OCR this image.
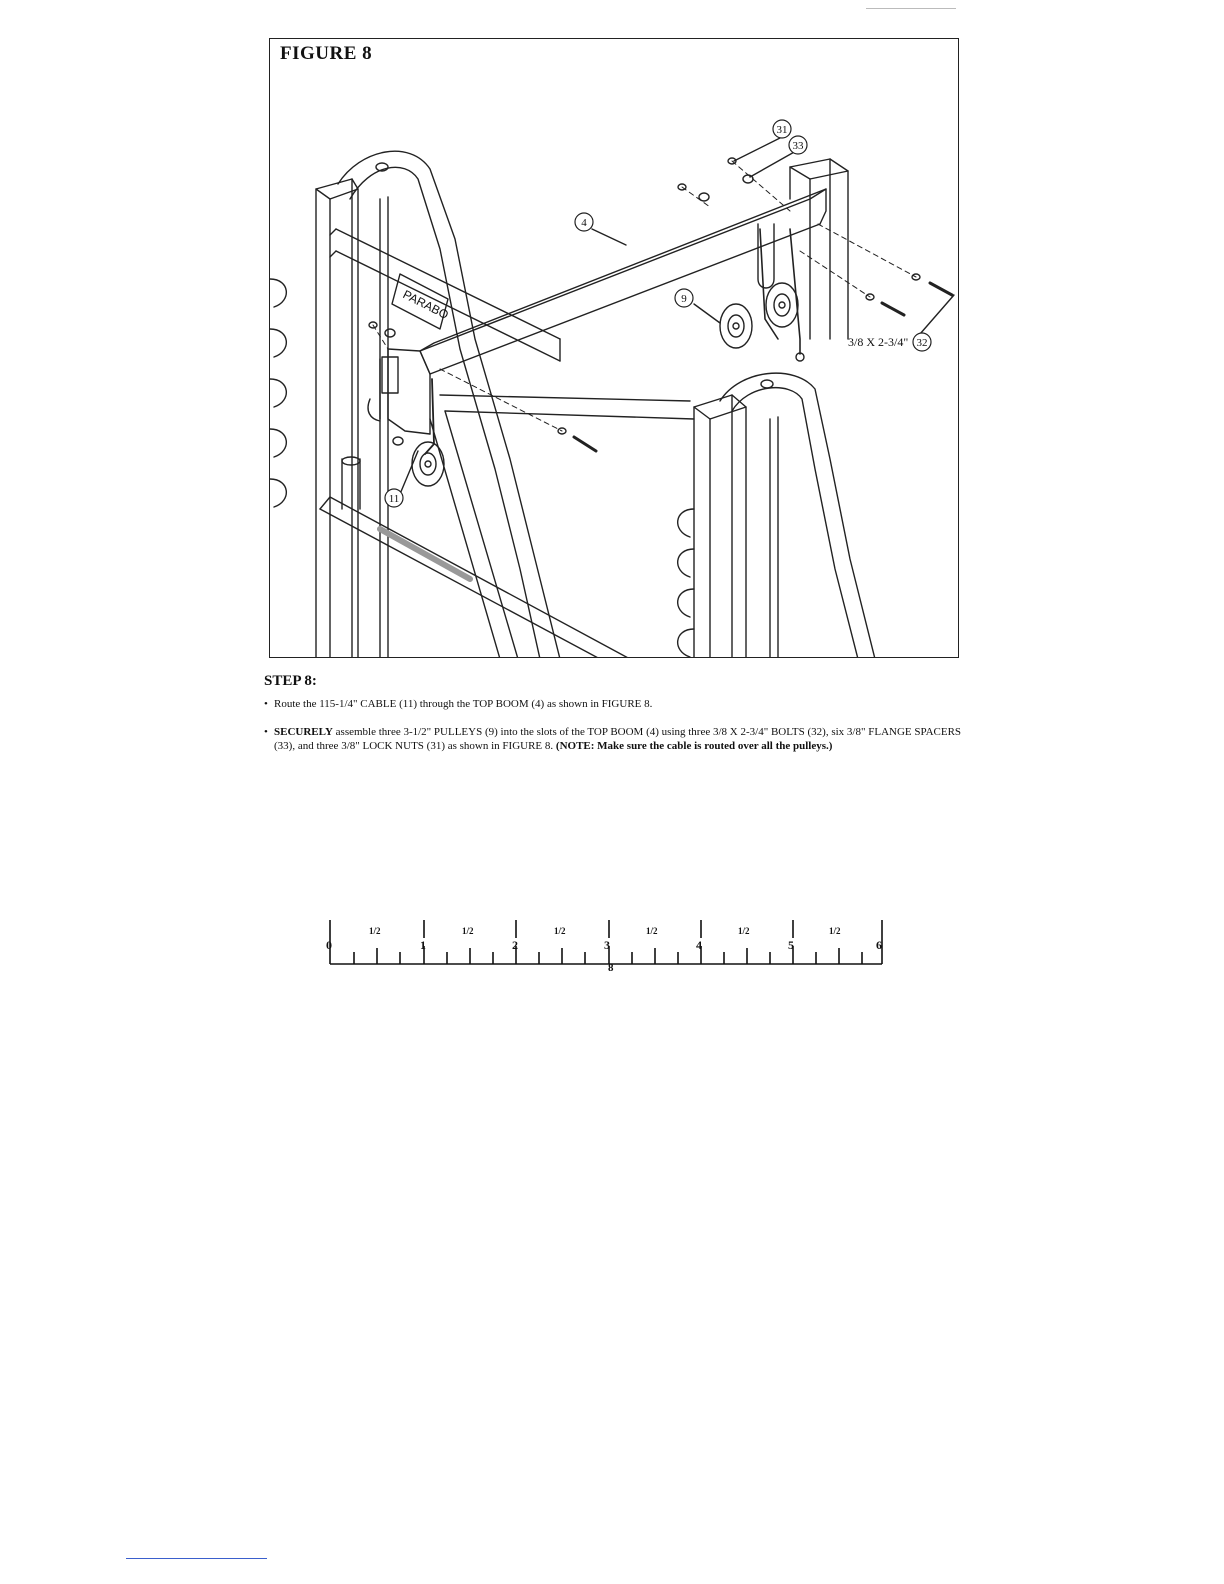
31
33
4
9
32
11
3/8 X 2-3/4"
PARABO
FIGURE 8
STEP 8:
• Route the 115-1/4" CABLE (11) through the TOP BOOM (4) as shown in FIGURE 8.
• SECURELY assemble three 3-1/2" PULLEYS (9) into the slots of the TOP BOOM (4) using three 3/8 X 2-3/4" BOLTS (32), six 3/8" FLANGE SPACERS (33), and three 3/8" LOCK NUTS (31) as shown in FIGURE 8. (NOTE: Make sure the cable is routed over all the pulleys.)
0	1	2	3	4	5	6
1/2	1/2	1/2	1/2	1/2	1/2
8
